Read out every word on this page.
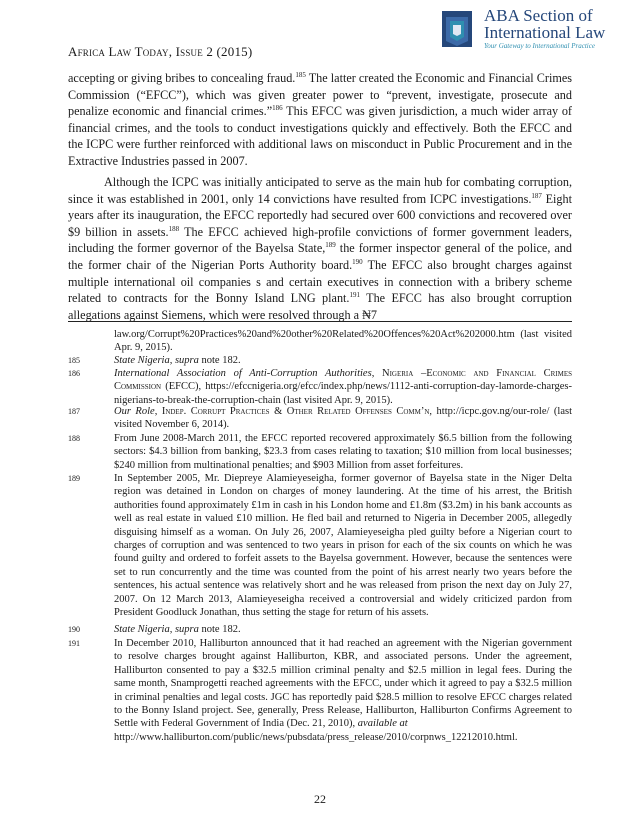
Africa Law Today, Issue 2 (2015)
ABA Section of
International Law
Your Gateway to International Practice
accepting or giving bribes to concealing fraud.$^{185}$ The latter created the Economic and Financial Crimes Commission (“EFCC”), which was given greater power to “prevent, investigate, prosecute and penalize economic and financial crimes.”$^{186}$ This EFCC was given jurisdiction, a much wider array of financial crimes, and the tools to conduct investigations quickly and effectively. Both the EFCC and the ICPC were further reinforced with additional laws on misconduct in Public Procurement and in the Extractive Industries passed in 2007.
Although the ICPC was initially anticipated to serve as the main hub for combating corruption, since it was established in 2001, only 14 convictions have resulted from ICPC investigations.$^{187}$ Eight years after its inauguration, the EFCC reportedly had secured over 600 convictions and recovered over $9 billion in assets.$^{188}$ The EFCC achieved high-profile convictions of former government leaders, including the former governor of the Bayelsa State,$^{189}$ the former inspector general of the police, and the former chair of the Nigerian Ports Authority board.$^{190}$ The EFCC also brought charges against multiple international oil companies s and certain executives in connection with a bribery scheme related to contracts for the Bonny Island LNG plant.$^{191}$ The EFCC has also brought corruption allegations against Siemens, which were resolved through a ₦7
law.org/Corrupt%20Practices%20and%20other%20Related%20Offences%20Act%202000.htm (last visited Apr. 9, 2015).
185	State Nigeria, supra note 182.
186	International Association of Anti-Corruption Authorities, Nigeria –Economic and Financial Crimes Commission (EFCC), https://efccnigeria.org/efcc/index.php/news/1112-anti-corruption-day-lamorde-charges-nigerians-to-break-the-corruption-chain (last visited Apr. 9, 2015).
187	Our Role, Indep. Corrupt Practices & Other Related Offenses Comm’n, http://icpc.gov.ng/our-role/ (last visited November 6, 2014).
188	From June 2008-March 2011, the EFCC reported recovered approximately $6.5 billion from the following sectors: $4.3 billion from banking, $23.3 from cases relating to taxation; $10 million from local businesses; $240 million from multinational penalties; and $903 Million from asset forfeitures.
189	In September 2005, Mr. Diepreye Alamieyeseigha, former governor of Bayelsa state in the Niger Delta region was detained in London on charges of money laundering. At the time of his arrest, the British authorities found approximately £1m in cash in his London home and £1.8m ($3.2m) in his bank accounts as well as real estate in valued £10 million. He fled bail and returned to Nigeria in December 2005, allegedly disguising himself as a woman. On July 26, 2007, Alamieyeseigha pled guilty before a Nigerian court to charges of corruption and was sentenced to two years in prison for each of the six counts on which he was found guilty and ordered to forfeit assets to the Bayelsa government. However, because the sentences were set to run concurrently and the time was counted from the point of his arrest nearly two years before the sentences, his actual sentence was relatively short and he was released from prison the next day on July 27, 2007. On 12 March 2013, Alamieyeseigha received a controversial and widely criticized pardon from President Goodluck Jonathan, thus setting the stage for return of his assets.
190	State Nigeria, supra note 182.
191	In December 2010, Halliburton announced that it had reached an agreement with the Nigerian government to resolve charges brought against Halliburton, KBR, and associated persons. Under the agreement, Halliburton consented to pay a $32.5 million criminal penalty and $2.5 million in legal fees. During the same month, Snamprogetti reached agreements with the EFCC, under which it agreed to pay a $32.5 million in criminal penalties and legal costs. JGC has reportedly paid $28.5 million to resolve EFCC charges related to the Bonny Island project. See, generally, Press Release, Halliburton, Halliburton Confirms Agreement to Settle with Federal Government of India (Dec. 21, 2010), available at
http://www.halliburton.com/public/news/pubsdata/press_release/2010/corpnws_12212010.html.
22
